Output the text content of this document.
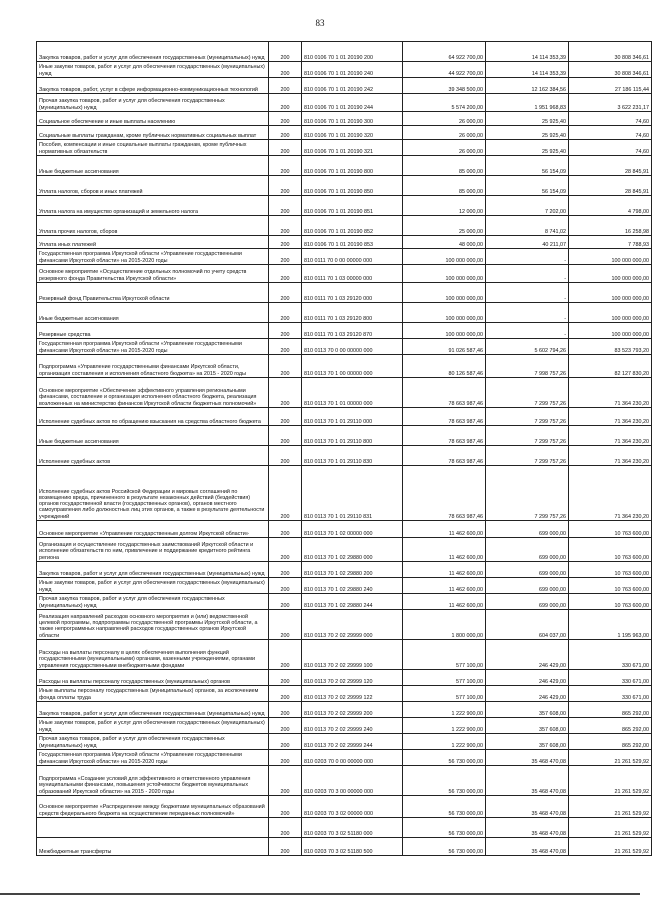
83
Закупка товаров, работ и услуг для обеспечения государственных (муниципальных) нужд	200	810 0106 70 1 01 20190 200	64 922 700,00	14 114 353,39	30 808 346,61
Иные закупки товаров, работ и услуг для обеспечения государственных (муниципальных) нужд	200	810 0106 70 1 01 20190 240	44 922 700,00	14 114 353,39	30 808 346,61
Закупка товаров, работ, услуг в сфере информационно-коммуникационных технологий	200	810 0106 70 1 01 20190 242	39 348 500,00	12 162 384,56	27 186 115,44
Прочая закупка товаров, работ и услуг для обеспечения государственных (муниципальных) нужд	200	810 0106 70 1 01 20190 244	5 574 200,00	1 951 968,83	3 622 231,17
Социальное обеспечение и иные выплаты населению	200	810 0106 70 1 01 20190 300	26 000,00	25 925,40	74,60
Социальные выплаты гражданам, кроме публичных нормативных социальных выплат	200	810 0106 70 1 01 20190 320	26 000,00	25 925,40	74,60
Пособия, компенсации и иные социальные выплаты гражданам, кроме публичных нормативных обязательств	200	810 0106 70 1 01 20190 321	26 000,00	25 925,40	74,60
Иные бюджетные ассигнования	200	810 0106 70 1 01 20190 800	85 000,00	56 154,09	28 845,91
Уплата налогов, сборов и иных платежей	200	810 0106 70 1 01 20190 850	85 000,00	56 154,09	28 845,91
Уплата налога на имущество организаций и земельного налога	200	810 0106 70 1 01 20190 851	12 000,00	7 202,00	4 798,00
Уплата прочих налогов, сборов	200	810 0106 70 1 01 20190 852	25 000,00	8 741,02	16 258,98
Уплата иных платежей	200	810 0106 70 1 01 20190 853	48 000,00	40 211,07	7 788,93
Государственная программа Иркутской области «Управление государственными финансами Иркутской области» на 2015-2020 годы	200	810 0111 70 0 00 00000 000	100 000 000,00	-	100 000 000,00
Основное мероприятие «Осуществление отдельных полномочий по учету средств резервного фонда Правительства Иркутской области»	200	810 0111 70 1 03 00000 000	100 000 000,00	-	100 000 000,00
Резервный фонд Правительства Иркутской области	200	810 0111 70 1 03 29120 000	100 000 000,00	-	100 000 000,00
Иные бюджетные ассигнования	200	810 0111 70 1 03 29120 800	100 000 000,00	-	100 000 000,00
Резервные средства	200	810 0111 70 1 03 29120 870	100 000 000,00	-	100 000 000,00
Государственная программа Иркутской области «Управление государственными финансами Иркутской области» на 2015-2020 годы	200	810 0113 70 0 00 00000 000	91 026 587,46	5 602 794,26	83 523 793,20
Подпрограмма «Управление государственными финансами Иркутской области, организация составления и исполнения областного бюджета» на 2015 - 2020 годы	200	810 0113 70 1 00 00000 000	80 126 587,46	7 998 757,26	82 127 830,20
Основное мероприятие «Обеспечение эффективного управления региональными финансами, составление и организация исполнения областного бюджета, реализация возложенных на министерство финансов Иркутской области бюджетных полномочий»	200	810 0113 70 1 01 00000 000	78 663 987,46	7 299 757,26	71 364 230,20
Исполнение судебных актов по обращению взыскания на средства областного бюджета	200	810 0113 70 1 01 29110 000	78 663 987,46	7 299 757,26	71 364 230,20
Иные бюджетные ассигнования	200	810 0113 70 1 01 29110 800	78 663 987,46	7 299 757,26	71 364 230,20
Исполнение судебных актов	200	810 0113 70 1 01 29110 830	78 663 987,46	7 299 757,26	71 364 230,20
Исполнение судебных актов Российской Федерации и мировых соглашений по возмещению вреда, причиненного в результате незаконных действий (бездействия) органов государственной власти (государственных органов), органов местного самоуправления либо должностных лиц этих органов, а также в результате деятельности учреждений	200	810 0113 70 1 01 29110 831	78 663 987,46	7 299 757,26	71 364 230,20
Основное мероприятие «Управление государственным долгом Иркутской области»	200	810 0113 70 1 02 00000 000	11 462 600,00	699 000,00	10 763 600,00
Организация и осуществление государственных заимствований Иркутской области и исполнение обязательств по ним, привлечение и поддержание кредитного рейтинга региона	200	810 0113 70 1 02 29880 000	11 462 600,00	699 000,00	10 763 600,00
Закупка товаров, работ и услуг для обеспечения государственных (муниципальных) нужд	200	810 0113 70 1 02 29880 200	11 462 600,00	699 000,00	10 763 600,00
Иные закупки товаров, работ и услуг для обеспечения государственных (муниципальных) нужд	200	810 0113 70 1 02 29880 240	11 462 600,00	699 000,00	10 763 600,00
Прочая закупка товаров, работ и услуг для обеспечения государственных (муниципальных) нужд	200	810 0113 70 1 02 29880 244	11 462 600,00	699 000,00	10 763 600,00
Реализация направлений расходов основного мероприятия и (или) ведомственной целевой программы, подпрограммы государственной программы Иркутской области, а также непрограммных направлений расходов государственных органов Иркутской области	200	810 0113 70 2 02 29999 000	1 800 000,00	604 037,00	1 195 963,00
Расходы на выплаты персоналу в целях обеспечения выполнения функций государственными (муниципальными) органами, казенными учреждениями, органами управления государственными внебюджетными фондами	200	810 0113 70 2 02 29999 100	577 100,00	246 429,00	330 671,00
Расходы на выплаты персоналу государственных (муниципальных) органов	200	810 0113 70 2 02 29999 120	577 100,00	246 429,00	330 671,00
Иные выплаты персоналу государственных (муниципальных) органов, за исключением фонда оплаты труда	200	810 0113 70 2 02 29999 122	577 100,00	246 429,00	330 671,00
Закупка товаров, работ и услуг для обеспечения государственных (муниципальных) нужд	200	810 0113 70 2 02 29999 200	1 222 900,00	357 608,00	865 292,00
Иные закупки товаров, работ и услуг для обеспечения государственных (муниципальных) нужд	200	810 0113 70 2 02 29999 240	1 222 900,00	357 608,00	865 292,00
Прочая закупка товаров, работ и услуг для обеспечения государственных (муниципальных) нужд	200	810 0113 70 2 02 29999 244	1 222 900,00	357 608,00	865 292,00
Государственная программа Иркутской области «Управление государственными финансами Иркутской области» на 2015-2020 годы	200	810 0203 70 0 00 00000 000	56 730 000,00	35 468 470,08	21 261 529,92
Подпрограмма «Создание условий для эффективного и ответственного управления муниципальными финансами, повышения устойчивости бюджетов муниципальных образований Иркутской области» на 2015 - 2020 годы	200	810 0203 70 3 00 00000 000	56 730 000,00	35 468 470,08	21 261 529,92
Основное мероприятие «Распределение между бюджетами муниципальных образований средств федерального бюджета на осуществление переданных полномочий»	200	810 0203 70 3 02 00000 000	56 730 000,00	35 468 470,08	21 261 529,92
	200	810 0203 70 3 02 51180 000	56 730 000,00	35 468 470,08	21 261 529,92
Межбюджетные трансферты	200	810 0203 70 3 02 51180 500	56 730 000,00	35 468 470,08	21 261 529,92
